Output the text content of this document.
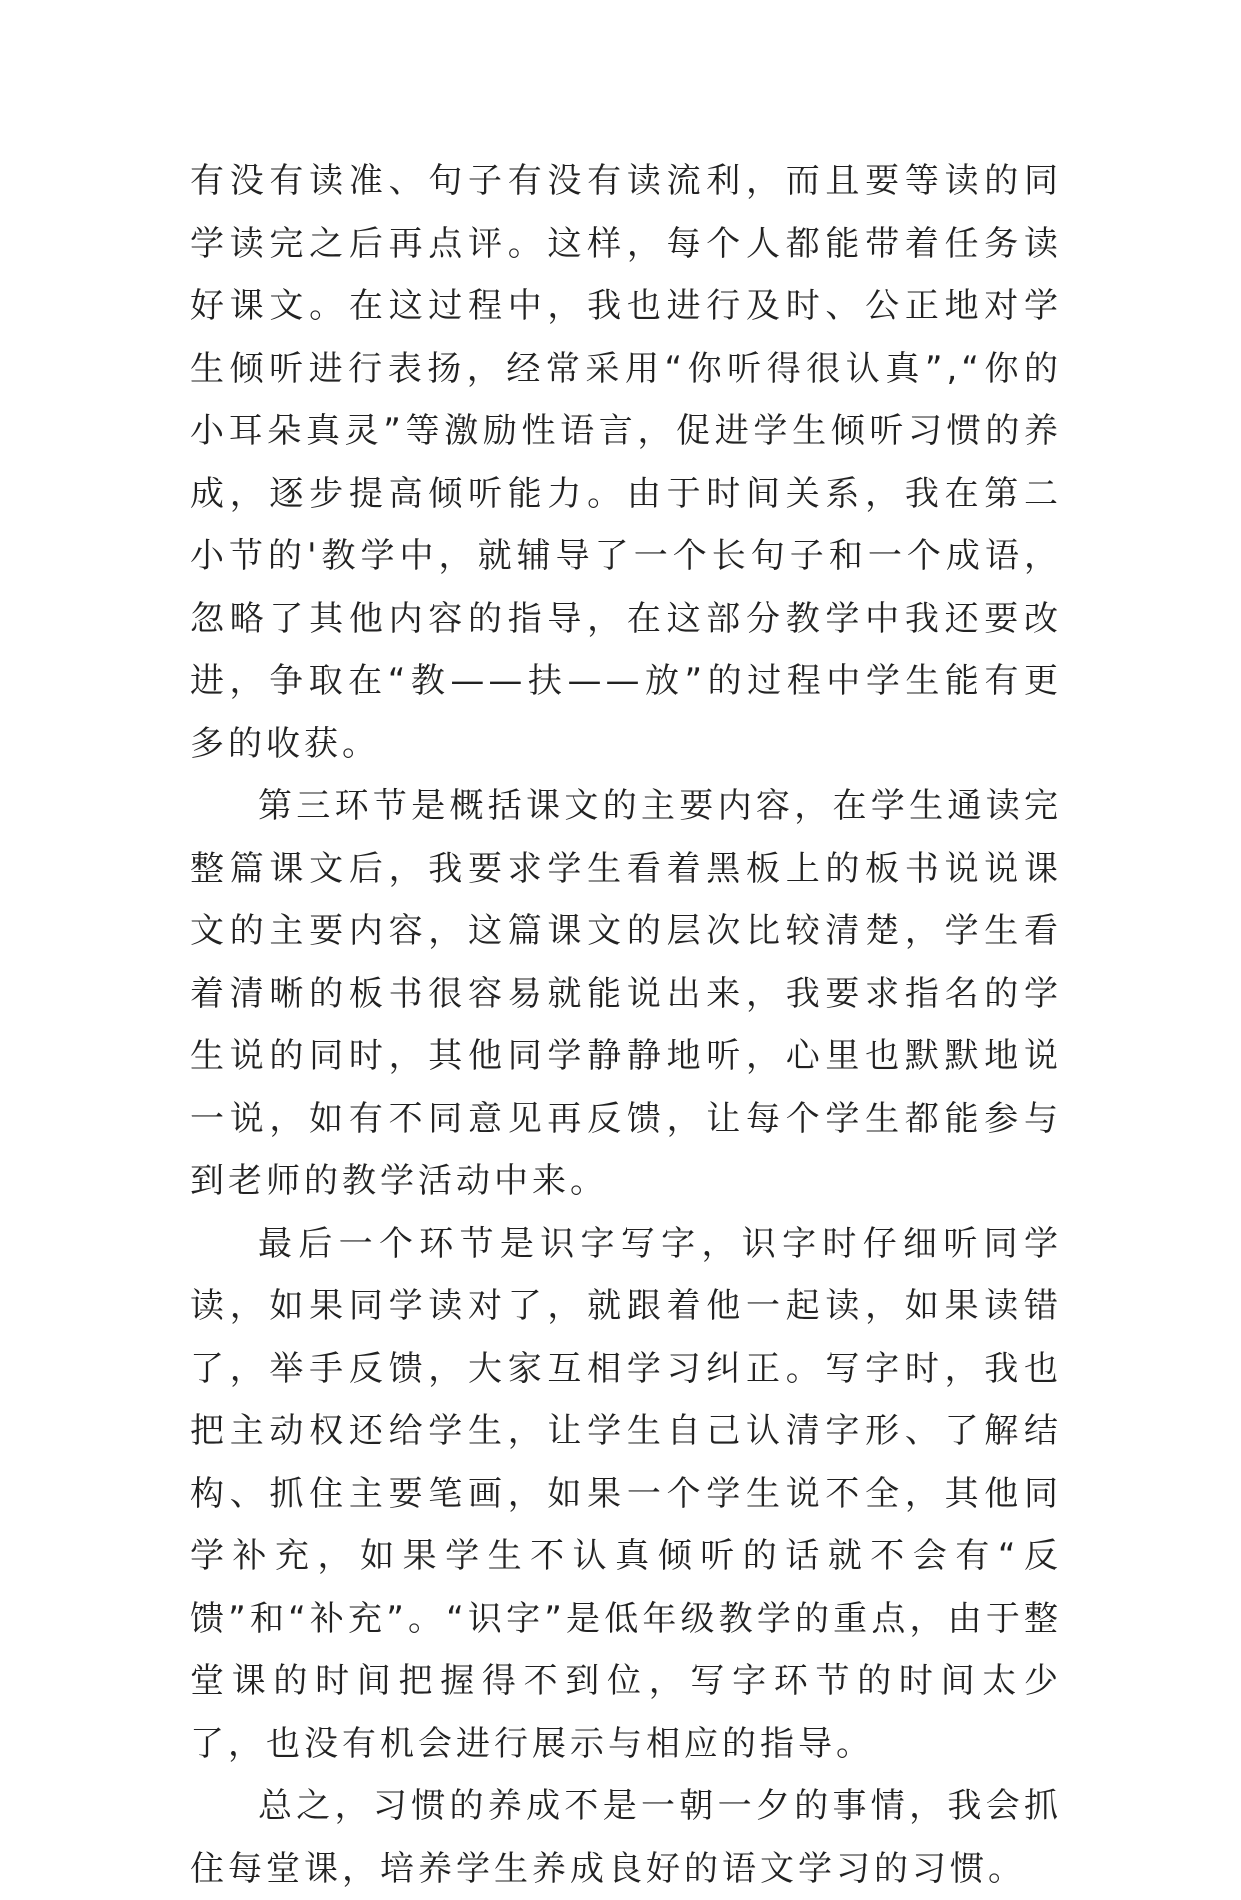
有没有读准、句子有没有读流利，而且要等读的同学读完之后再点评。这样，每个人都能带着任务读好课文。在这过程中，我也进行及时、公正地对学生倾听进行表扬，经常采用“你听得很认真”,“你的小耳朵真灵”等激励性语言，促进学生倾听习惯的养成，逐步提高倾听能力。由于时间关系，我在第二小节的'教学中，就辅导了一个长句子和一个成语，忽略了其他内容的指导，在这部分教学中我还要改进，争取在“教——扶——放”的过程中学生能有更多的收获。

第三环节是概括课文的主要内容，在学生通读完整篇课文后，我要求学生看着黑板上的板书说说课文的主要内容，这篇课文的层次比较清楚，学生看着清晰的板书很容易就能说出来，我要求指名的学生说的同时，其他同学静静地听，心里也默默地说一说，如有不同意见再反馈，让每个学生都能参与到老师的教学活动中来。

最后一个环节是识字写字，识字时仔细听同学读，如果同学读对了，就跟着他一起读，如果读错了，举手反馈，大家互相学习纠正。写字时，我也把主动权还给学生，让学生自己认清字形、了解结构、抓住主要笔画，如果一个学生说不全，其他同学补充，如果学生不认真倾听的话就不会有“反馈”和“补充”。“识字”是低年级教学的重点，由于整堂课的时间把握得不到位，写字环节的时间太少了，也没有机会进行展示与相应的指导。

总之，习惯的养成不是一朝一夕的事情，我会抓住每堂课，培养学生养成良好的语文学习的习惯。
